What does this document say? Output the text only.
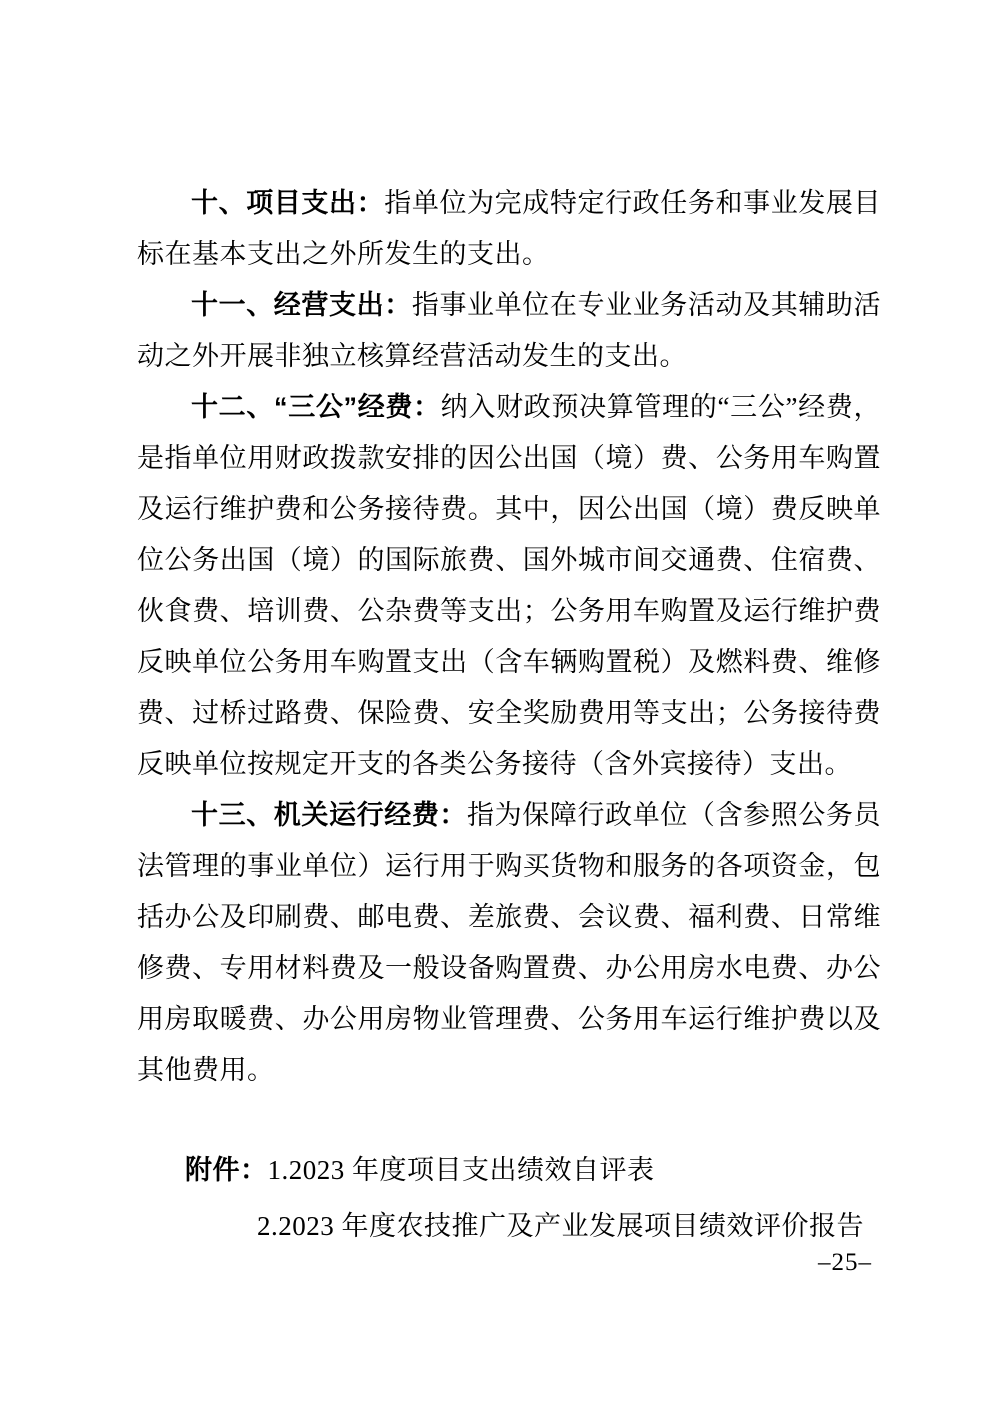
十、项目支出：指单位为完成特定行政任务和事业发展目标在基本支出之外所发生的支出。

十一、经营支出：指事业单位在专业业务活动及其辅助活动之外开展非独立核算经营活动发生的支出。

十二、“三公”经费：纳入财政预决算管理的“三公”经费，是指单位用财政拨款安排的因公出国（境）费、公务用车购置及运行维护费和公务接待费。其中，因公出国（境）费反映单位公务出国（境）的国际旅费、国外城市间交通费、住宿费、伙食费、培训费、公杂费等支出；公务用车购置及运行维护费反映单位公务用车购置支出（含车辆购置税）及燃料费、维修费、过桥过路费、保险费、安全奖励费用等支出；公务接待费反映单位按规定开支的各类公务接待（含外宾接待）支出。

十三、机关运行经费：指为保障行政单位（含参照公务员法管理的事业单位）运行用于购买货物和服务的各项资金，包括办公及印刷费、邮电费、差旅费、会议费、福利费、日常维修费、专用材料费及一般设备购置费、办公用房水电费、办公用房取暖费、办公用房物业管理费、公务用车运行维护费以及其他费用。

附件：1.2023 年度项目支出绩效自评表

2.2023 年度农技推广及产业发展项目绩效评价报告

–25–
